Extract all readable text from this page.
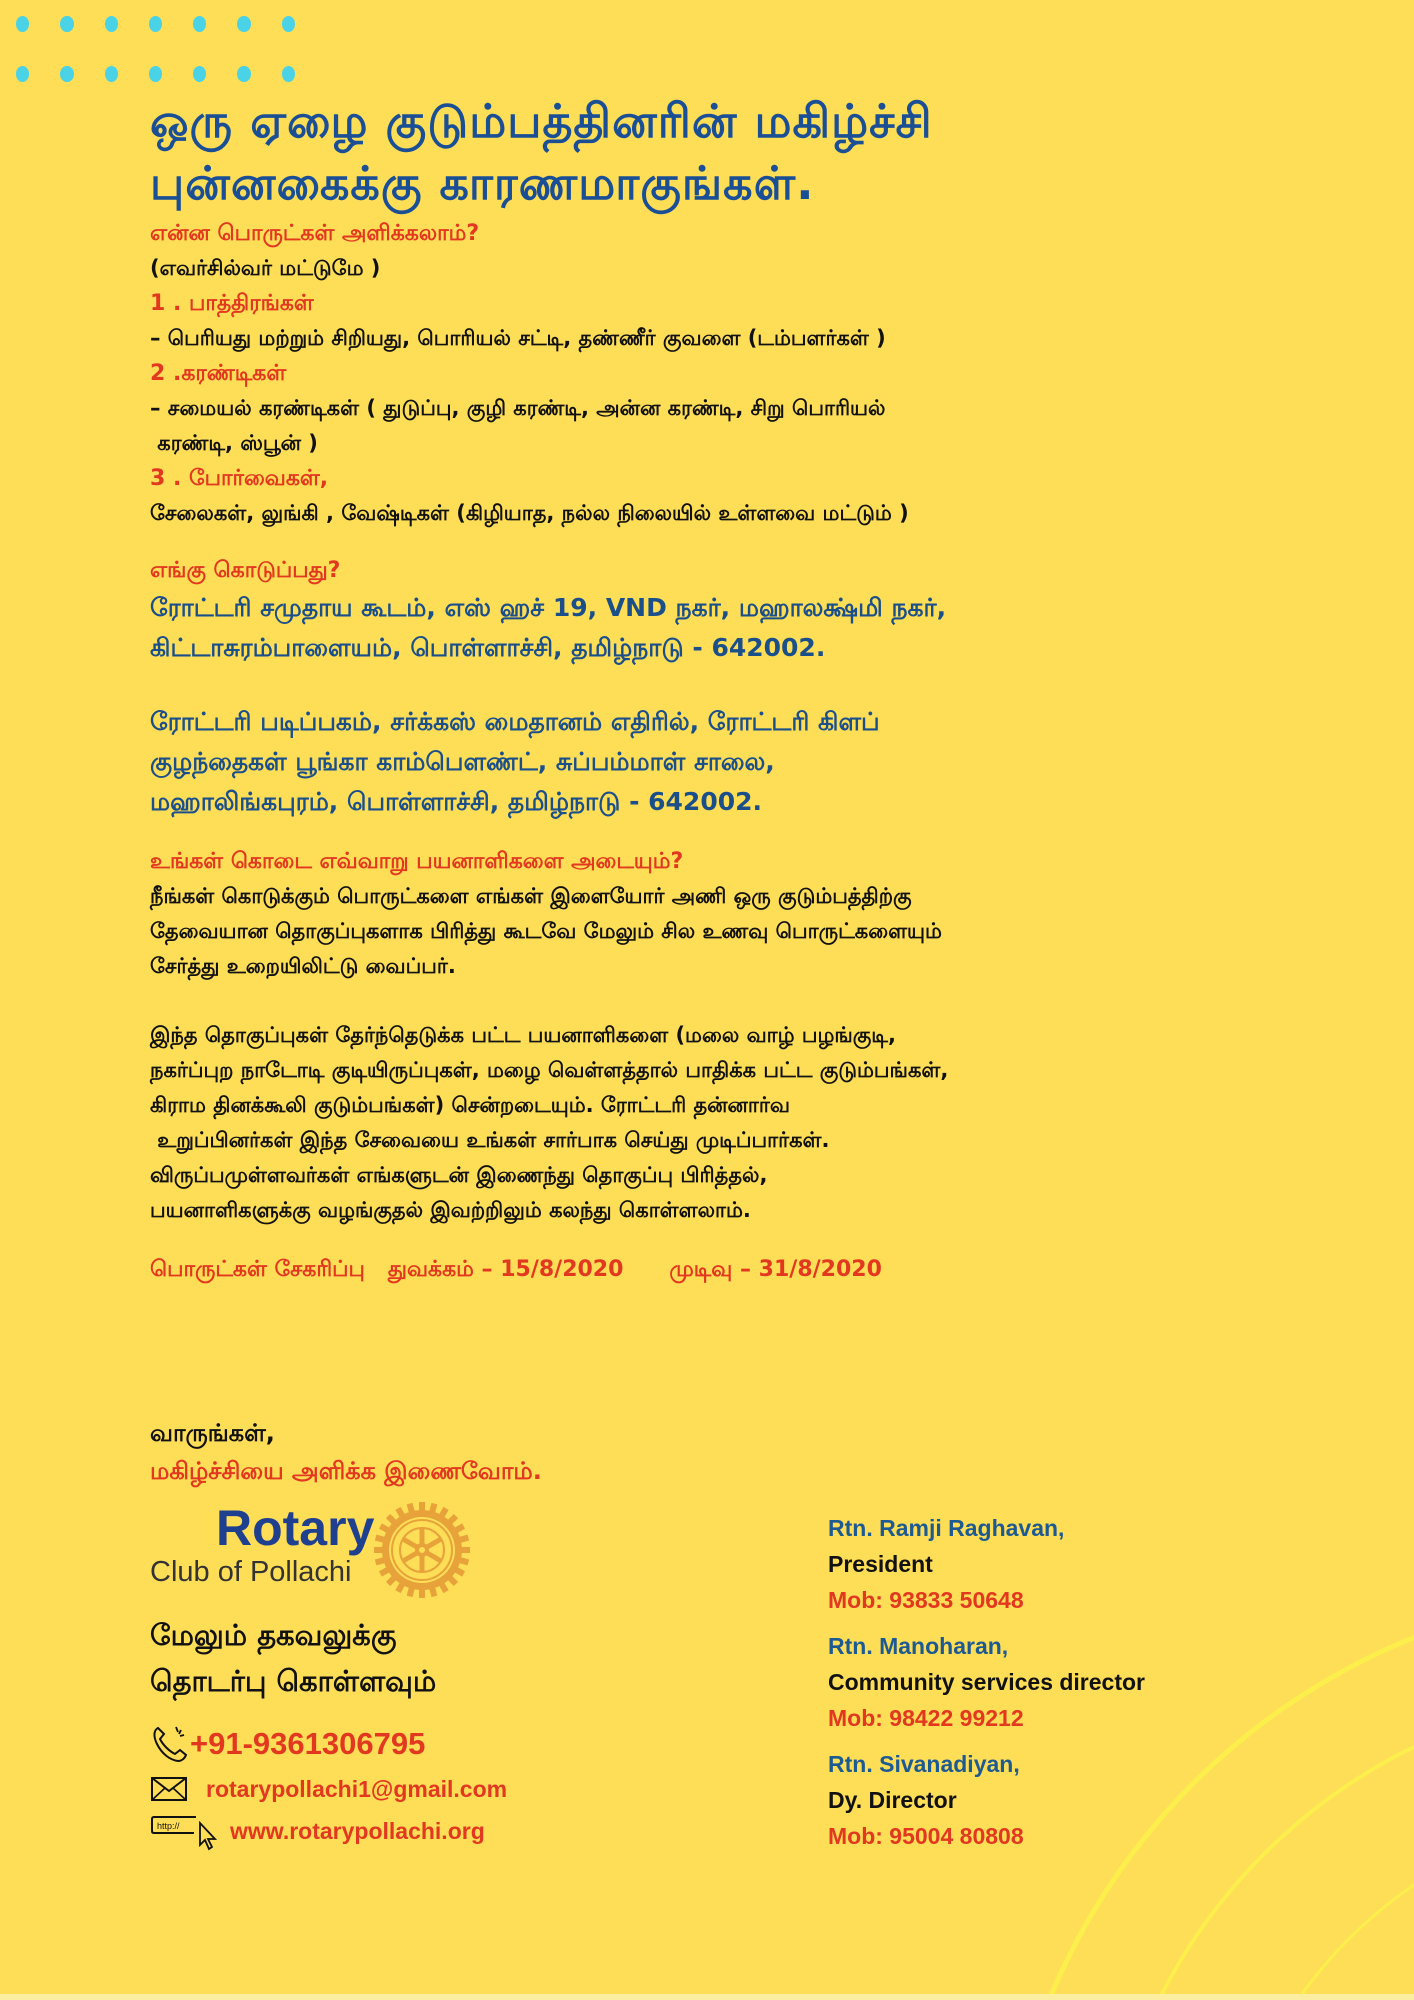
ஒரு ஏழை குடும்பத்தினரின் மகிழ்ச்சி
புன்னகைக்கு காரணமாகுங்கள்.
என்ன பொருட்கள் அளிக்கலாம்?
(எவர்சில்வர் மட்டுமே )
1 . பாத்திரங்கள்
– பெரியது மற்றும் சிறியது, பொரியல் சட்டி, தண்ணீர் குவளை (டம்பளர்கள் )
2 .கரண்டிகள்
– சமையல் கரண்டிகள் ( துடுப்பு, குழி கரண்டி, அன்ன கரண்டி, சிறு பொரியல்
கரண்டி, ஸ்பூன் )
3 . போர்வைகள்,
சேலைகள், லுங்கி , வேஷ்டிகள் (கிழியாத, நல்ல நிலையில் உள்ளவை மட்டும் )
எங்கு கொடுப்பது?
ரோட்டரி சமுதாய கூடம், எஸ் ஹச் 19, VND நகர், மஹாலக்ஷ்மி நகர்,
கிட்டாசுரம்பாளையம், பொள்ளாச்சி, தமிழ்நாடு - 642002.
ரோட்டரி படிப்பகம், சர்க்கஸ் மைதானம் எதிரில், ரோட்டரி கிளப்
குழந்தைகள் பூங்கா காம்பௌண்ட், சுப்பம்மாள் சாலை,
மஹாலிங்கபுரம், பொள்ளாச்சி, தமிழ்நாடு - 642002.
உங்கள் கொடை எவ்வாறு பயனாளிகளை அடையும்?
நீங்கள் கொடுக்கும் பொருட்களை எங்கள் இளையோர் அணி ஒரு குடும்பத்திற்கு
தேவையான தொகுப்புகளாக பிரித்து கூடவே மேலும் சில உணவு பொருட்களையும்
சேர்த்து உறையிலிட்டு வைப்பர்.
இந்த தொகுப்புகள் தேர்ந்தெடுக்க பட்ட பயனாளிகளை (மலை வாழ் பழங்குடி,
நகர்ப்புற நாடோடி குடியிருப்புகள், மழை வெள்ளத்தால் பாதிக்க பட்ட குடும்பங்கள்,
கிராம தினக்கூலி குடும்பங்கள்) சென்றடையும். ரோட்டரி தன்னார்வ
உறுப்பினர்கள் இந்த சேவையை உங்கள் சார்பாக செய்து முடிப்பார்கள்.
விருப்பமுள்ளவர்கள் எங்களுடன் இணைந்து தொகுப்பு பிரித்தல்,
பயனாளிகளுக்கு வழங்குதல் இவற்றிலும் கலந்து கொள்ளலாம்.
பொருட்கள் சேகரிப்பு   துவக்கம் – 15/8/2020      முடிவு – 31/8/2020
வாருங்கள்,
மகிழ்ச்சியை அளிக்க இணைவோம்.
Rotary
Club of Pollachi
மேலும் தகவலுக்கு
தொடர்பு கொள்ளவும்
+91-9361306795
rotarypollachi1@gmail.com
http:// www.rotarypollachi.org
Rtn. Ramji Raghavan,
President
Mob: 93833 50648
Rtn. Manoharan,
Community services director
Mob: 98422 99212
Rtn. Sivanadiyan,
Dy. Director
Mob: 95004 80808
